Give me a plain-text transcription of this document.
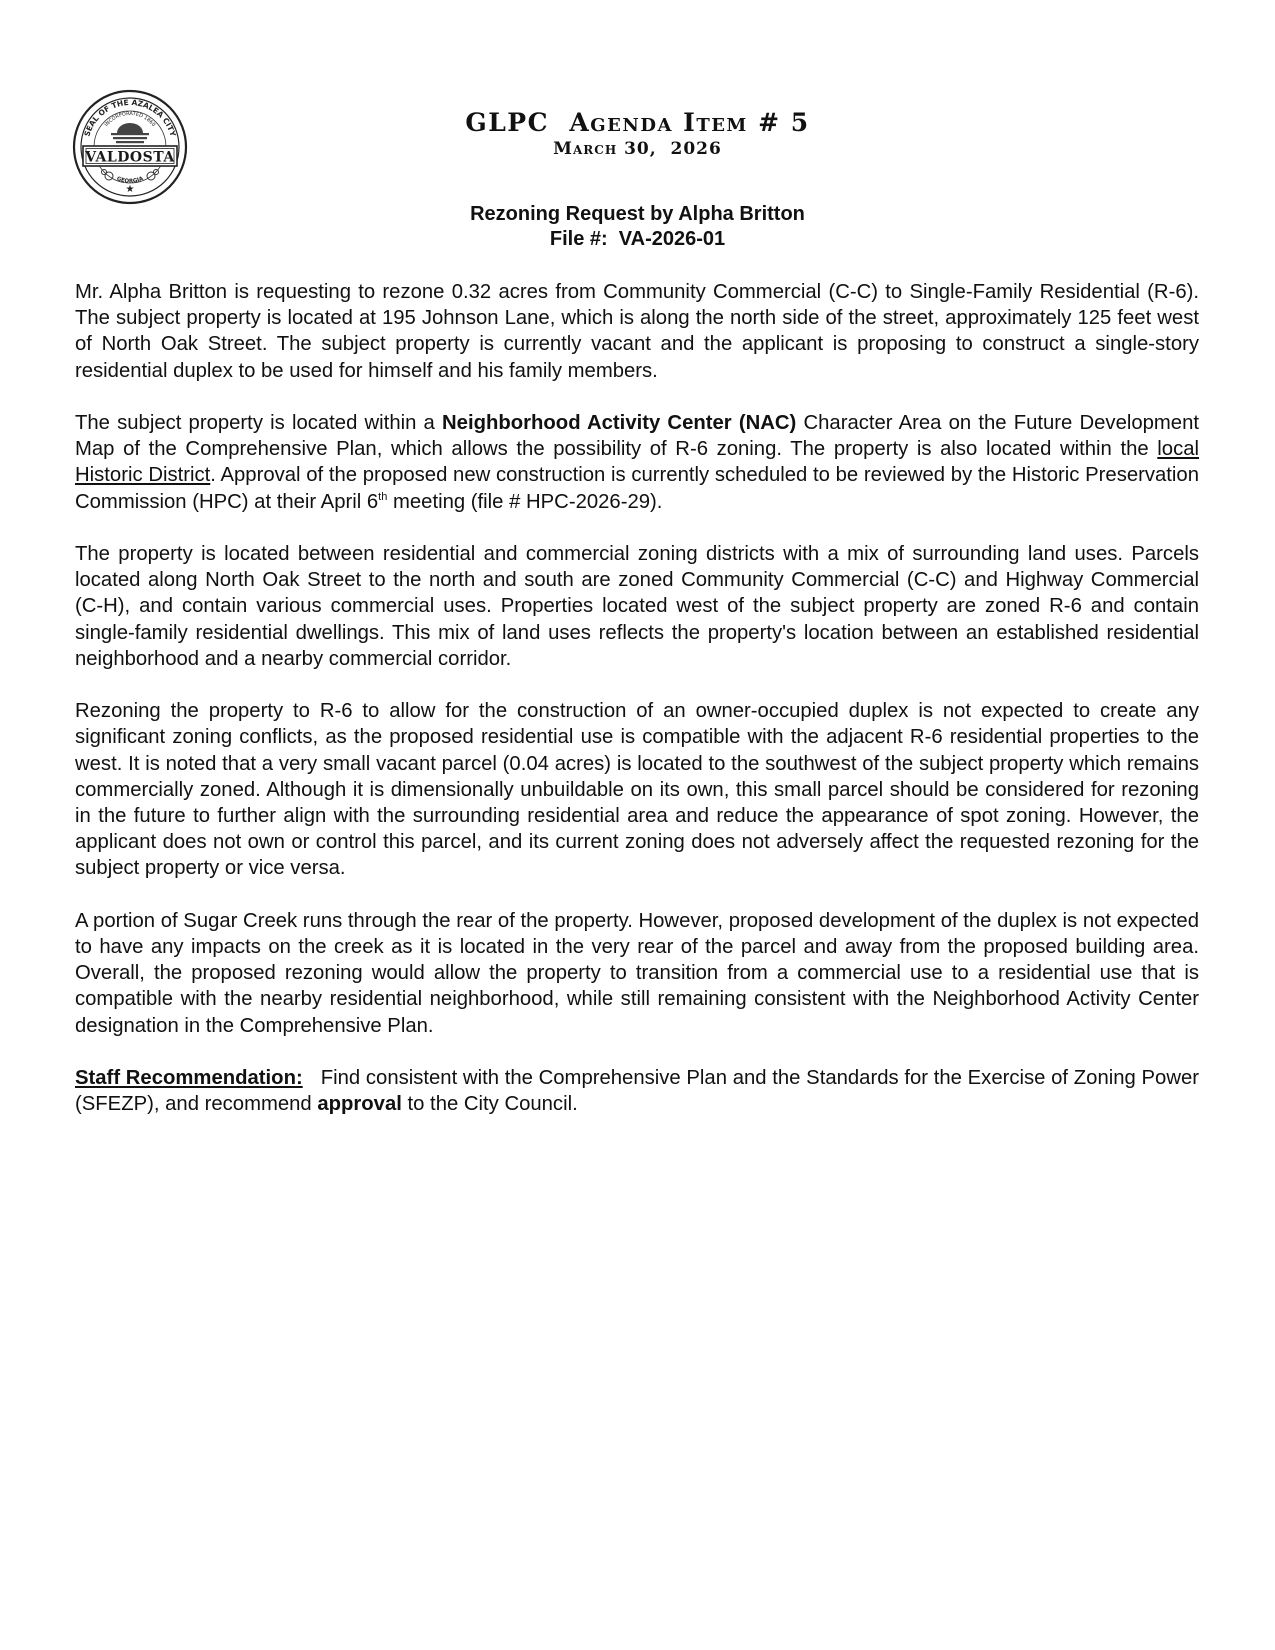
SEAL OF THE AZALEA CITY
INCORPORATED 1860
VALDOSTA
GEORGIA
★
GLPC  Agenda Item # 5
March 30,  2026
Rezoning Request by Alpha Britton
File #:  VA-2026-01

Mr. Alpha Britton is requesting to rezone 0.32 acres from Community Commercial (C-C) to Single-Family Residential (R-6). The subject property is located at 195 Johnson Lane, which is along the north side of the street, approximately 125 feet west of North Oak Street. The subject property is currently vacant and the applicant is proposing to construct a single-story residential duplex to be used for himself and his family members.

The subject property is located within a Neighborhood Activity Center (NAC) Character Area on the Future Development Map of the Comprehensive Plan, which allows the possibility of R-6 zoning. The property is also located within the local Historic District. Approval of the proposed new construction is currently scheduled to be reviewed by the Historic Preservation Commission (HPC) at their April 6th meeting (file # HPC-2026-29).

The property is located between residential and commercial zoning districts with a mix of surrounding land uses. Parcels located along North Oak Street to the north and south are zoned Community Commercial (C-C) and Highway Commercial (C-H), and contain various commercial uses. Properties located west of the subject property are zoned R-6 and contain single-family residential dwellings. This mix of land uses reflects the property's location between an established residential neighborhood and a nearby commercial corridor.

Rezoning the property to R-6 to allow for the construction of an owner-occupied duplex is not expected to create any significant zoning conflicts, as the proposed residential use is compatible with the adjacent R-6 residential properties to the west. It is noted that a very small vacant parcel (0.04 acres) is located to the southwest of the subject property which remains commercially zoned. Although it is dimensionally unbuildable on its own, this small parcel should be considered for rezoning in the future to further align with the surrounding residential area and reduce the appearance of spot zoning. However, the applicant does not own or control this parcel, and its current zoning does not adversely affect the requested rezoning for the subject property or vice versa.

A portion of Sugar Creek runs through the rear of the property. However, proposed development of the duplex is not expected to have any impacts on the creek as it is located in the very rear of the parcel and away from the proposed building area. Overall, the proposed rezoning would allow the property to transition from a commercial use to a residential use that is compatible with the nearby residential neighborhood, while still remaining consistent with the Neighborhood Activity Center designation in the Comprehensive Plan.

Staff Recommendation: Find consistent with the Comprehensive Plan and the Standards for the Exercise of Zoning Power (SFEZP), and recommend approval to the City Council.
